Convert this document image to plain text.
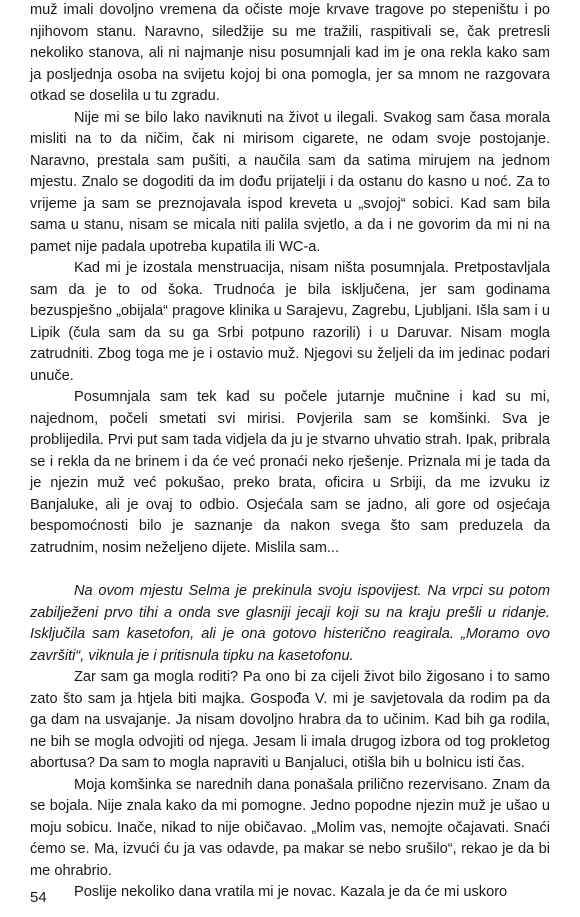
muž imali dovoljno vremena da očiste moje krvave tragove po stepeništu i po njihovom stanu. Naravno, siledžije su me tražili, raspitivali se, čak pretresli nekoliko stanova, ali ni najmanje nisu posumnjali kad im je ona rekla kako sam ja posljednja osoba na svijetu kojoj bi ona pomogla, jer sa mnom ne razgovara otkad se doselila u tu zgradu.

Nije mi se bilo lako naviknuti na život u ilegali. Svakog sam časa morala misliti na to da ničim, čak ni mirisom cigarete, ne odam svoje postojanje. Naravno, prestala sam pušiti, a naučila sam da satima mirujem na jednom mjestu. Znalo se dogoditi da im dođu prijatelji i da ostanu do kasno u noć. Za to vrijeme ja sam se preznojavala ispod kreveta u „svojoj“ sobici. Kad sam bila sama u stanu, nisam se micala niti palila svjetlo, a da i ne govorim da mi ni na pamet nije padala upotreba kupatila ili WC-a.

Kad mi je izostala menstruacija, nisam ništa posumnjala. Pretpostavljala sam da je to od šoka. Trudnoća je bila isključena, jer sam godinama bezuspješno „obijala“ pragove klinika u Sarajevu, Zagrebu, Ljubljani. Išla sam i u Lipik (čula sam da su ga Srbi potpuno razorili) i u Daruvar. Nisam mogla zatrudniti. Zbog toga me je i ostavio muž. Njegovi su željeli da im jedinac podari unuče.

Posumnjala sam tek kad su počele jutarnje mučnine i kad su mi, najednom, počeli smetati svi mirisi. Povjerila sam se komšinki. Sva je problijedila. Prvi put sam tada vidjela da ju je stvarno uhvatio strah. Ipak, pribrala se i rekla da ne brinem i da će već pronaći neko rješenje. Priznala mi je tada da je njezin muž već pokušao, preko brata, oficira u Srbiji, da me izvuku iz Banjaluke, ali je ovaj to odbio. Osjećala sam se jadno, ali gore od osjećaja bespomoćnosti bilo je saznanje da nakon svega što sam preduzela da zatrudnim, nosim neželjeno dijete. Mislila sam...

Na ovom mjestu Selma je prekinula svoju ispovijest. Na vrpci su potom zabilježeni prvo tihi a onda sve glasniji jecaji koji su na kraju prešli u ridanje. Isključila sam kasetofon, ali je ona gotovo histerično reagirala. „Moramo ovo završiti“, viknula je i pritisnula tipku na kasetofonu.

Zar sam ga mogla roditi? Pa ono bi za cijeli život bilo žigosano i to samo zato što sam ja htjela biti majka. Gospođa V. mi je savjetovala da rodim pa da ga dam na usvajanje. Ja nisam dovoljno hrabra da to učinim. Kad bih ga rodila, ne bih se mogla odvojiti od njega. Jesam li imala drugog izbora od tog prokletog abortusa? Da sam to mogla napraviti u Banjaluci, otišla bih u bolnicu isti čas.

Moja komšinka se narednih dana ponašala prilično rezervisano. Znam da se bojala. Nije znala kako da mi pomogne. Jedno popodne njezin muž je ušao u moju sobicu. Inače, nikad to nije običavao. „Molim vas, nemojte očajavati. Snaći ćemo se. Ma, izvući ću ja vas odavde, pa makar se nebo srušilo“, rekao je da bi me ohrabrio.

Poslije nekoliko dana vratila mi je novac. Kazala je da će mi uskoro

54
